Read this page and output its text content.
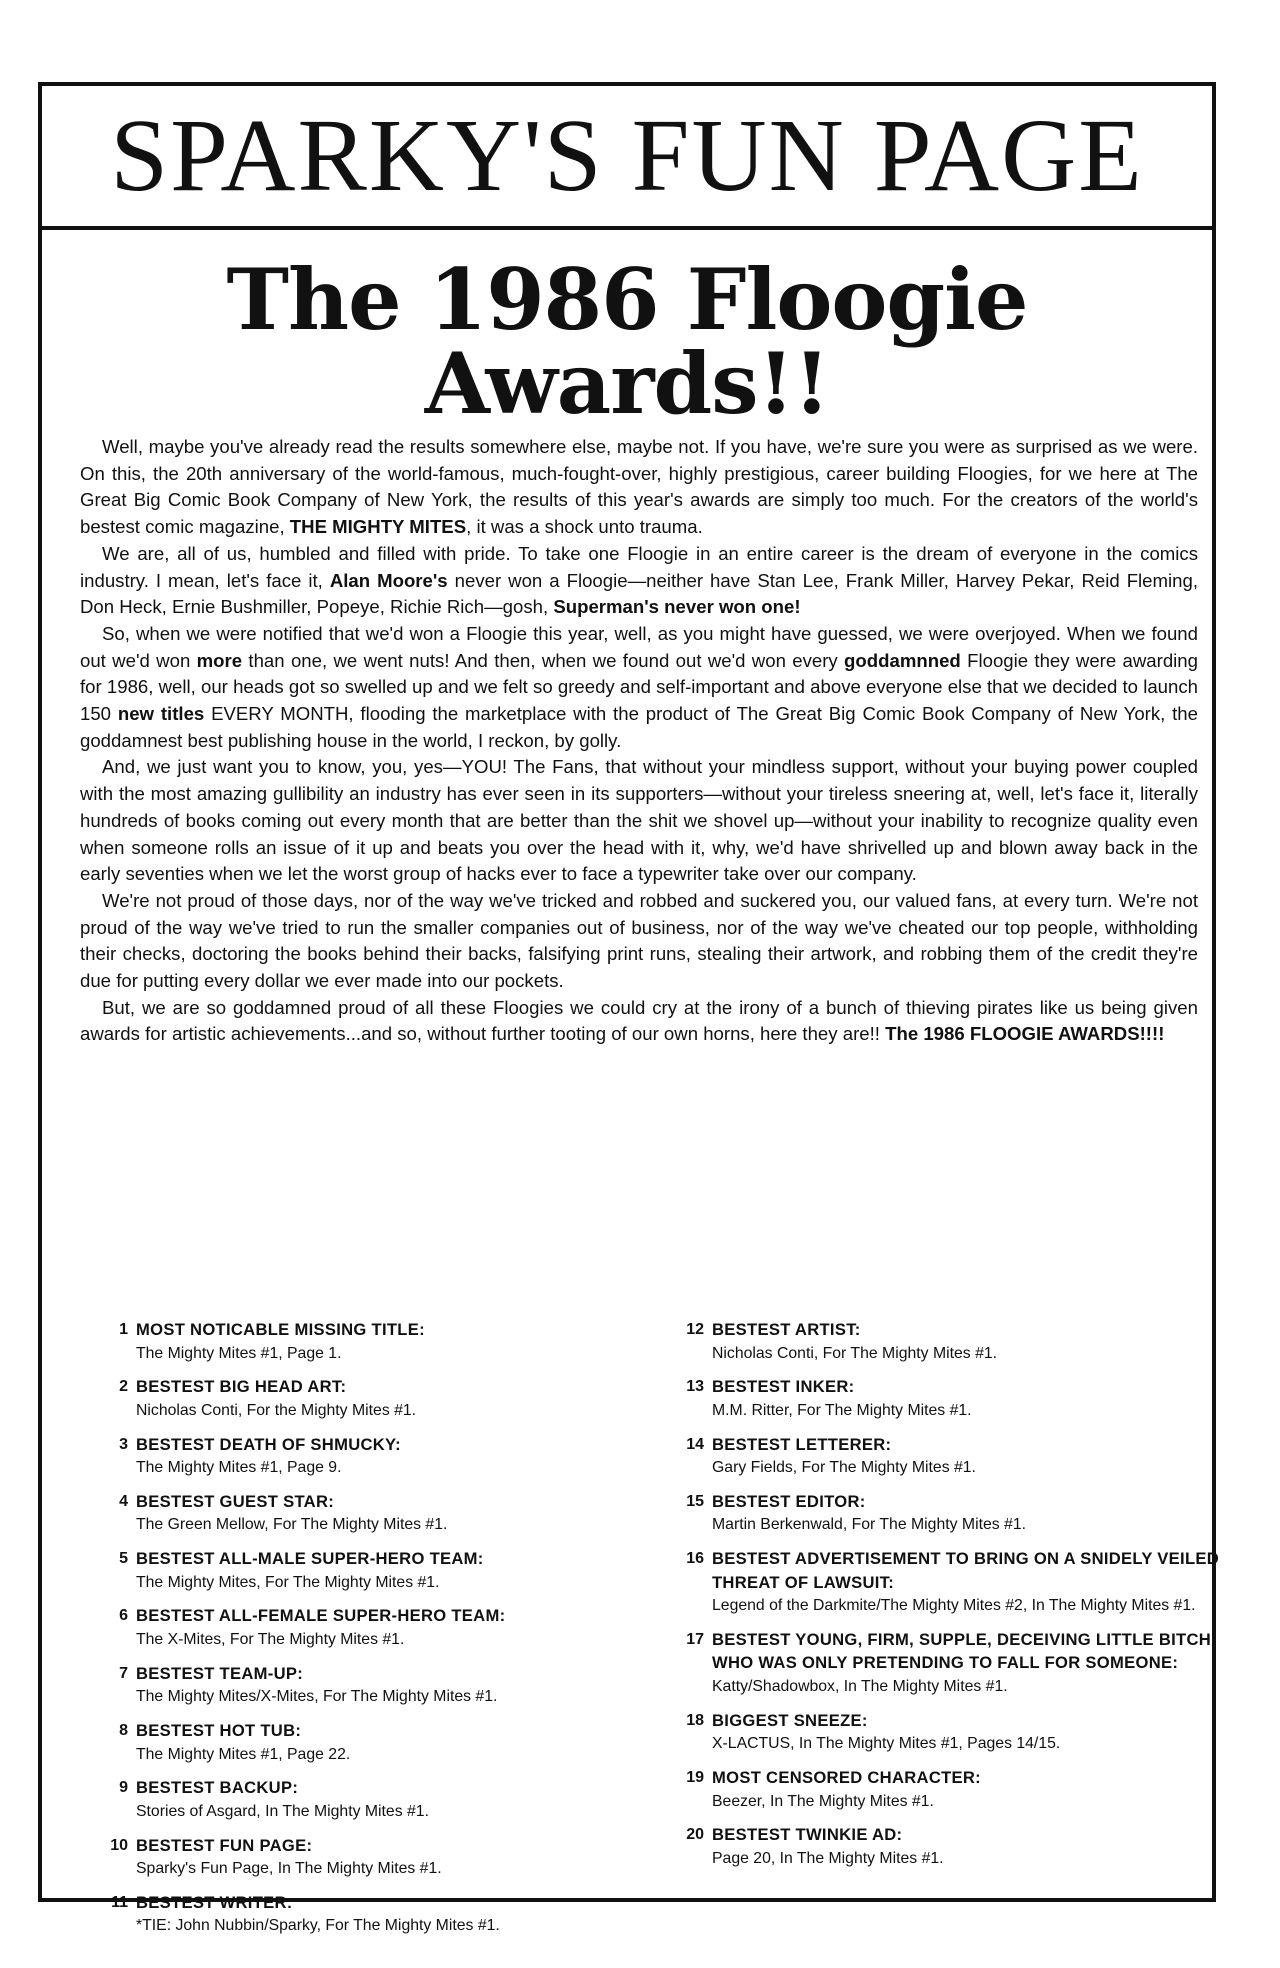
SPARKY'S FUN PAGE
The 1986 Floogie Awards!!

Well, maybe you've already read the results somewhere else, maybe not. If you have, we're sure you were as surprised as we were. On this, the 20th anniversary of the world-famous, much-fought-over, highly prestigious, career building Floogies, for we here at The Great Big Comic Book Company of New York, the results of this year's awards are simply too much. For the creators of the world's bestest comic magazine, THE MIGHTY MITES, it was a shock unto trauma.

We are, all of us, humbled and filled with pride. To take one Floogie in an entire career is the dream of everyone in the comics industry. I mean, let's face it, Alan Moore's never won a Floogie—neither have Stan Lee, Frank Miller, Harvey Pekar, Reid Fleming, Don Heck, Ernie Bushmiller, Popeye, Richie Rich—gosh, Superman's never won one!

So, when we were notified that we'd won a Floogie this year, well, as you might have guessed, we were overjoyed. When we found out we'd won more than one, we went nuts! And then, when we found out we'd won every goddamnned Floogie they were awarding for 1986, well, our heads got so swelled up and we felt so greedy and self-important and above everyone else that we decided to launch 150 new titles EVERY MONTH, flooding the marketplace with the product of The Great Big Comic Book Company of New York, the goddamnest best publishing house in the world, I reckon, by golly.

And, we just want you to know, you, yes—YOU! The Fans, that without your mindless support, without your buying power coupled with the most amazing gullibility an industry has ever seen in its supporters—without your tireless sneering at, well, let's face it, literally hundreds of books coming out every month that are better than the shit we shovel up—without your inability to recognize quality even when someone rolls an issue of it up and beats you over the head with it, why, we'd have shrivelled up and blown away back in the early seventies when we let the worst group of hacks ever to face a typewriter take over our company.

We're not proud of those days, nor of the way we've tricked and robbed and suckered you, our valued fans, at every turn. We're not proud of the way we've tried to run the smaller companies out of business, nor of the way we've cheated our top people, withholding their checks, doctoring the books behind their backs, falsifying print runs, stealing their artwork, and robbing them of the credit they're due for putting every dollar we ever made into our pockets.

But, we are so goddamned proud of all these Floogies we could cry at the irony of a bunch of thieving pirates like us being given awards for artistic achievements...and so, without further tooting of our own horns, here they are!! The 1986 FLOOGIE AWARDS!!!!

1 MOST NOTICABLE MISSING TITLE:
The Mighty Mites #1, Page 1.
2 BESTEST BIG HEAD ART:
Nicholas Conti, For the Mighty Mites #1.
3 BESTEST DEATH OF SHMUCKY:
The Mighty Mites #1, Page 9.
4 BESTEST GUEST STAR:
The Green Mellow, For The Mighty Mites #1.
5 BESTEST ALL-MALE SUPER-HERO TEAM:
The Mighty Mites, For The Mighty Mites #1.
6 BESTEST ALL-FEMALE SUPER-HERO TEAM:
The X-Mites, For The Mighty Mites #1.
7 BESTEST TEAM-UP:
The Mighty Mites/X-Mites, For The Mighty Mites #1.
8 BESTEST HOT TUB:
The Mighty Mites #1, Page 22.
9 BESTEST BACKUP:
Stories of Asgard, In The Mighty Mites #1.
10 BESTEST FUN PAGE:
Sparky's Fun Page, In The Mighty Mites #1.
11 BESTEST WRITER:
*TIE: John Nubbin/Sparky, For The Mighty Mites #1.
12 BESTEST ARTIST:
Nicholas Conti, For The Mighty Mites #1.
13 BESTEST INKER:
M.M. Ritter, For The Mighty Mites #1.
14 BESTEST LETTERER:
Gary Fields, For The Mighty Mites #1.
15 BESTEST EDITOR:
Martin Berkenwald, For The Mighty Mites #1.
16 BESTEST ADVERTISEMENT TO BRING ON A SNIDELY VEILED THREAT OF LAWSUIT:
Legend of the Darkmite/The Mighty Mites #2, In The Mighty Mites #1.
17 BESTEST YOUNG, FIRM, SUPPLE, DECEIVING LITTLE BITCH WHO WAS ONLY PRETENDING TO FALL FOR SOMEONE:
Katty/Shadowbox, In The Mighty Mites #1.
18 BIGGEST SNEEZE:
X-LACTUS, In The Mighty Mites #1, Pages 14/15.
19 MOST CENSORED CHARACTER:
Beezer, In The Mighty Mites #1.
20 BESTEST TWINKIE AD:
Page 20, In The Mighty Mites #1.
